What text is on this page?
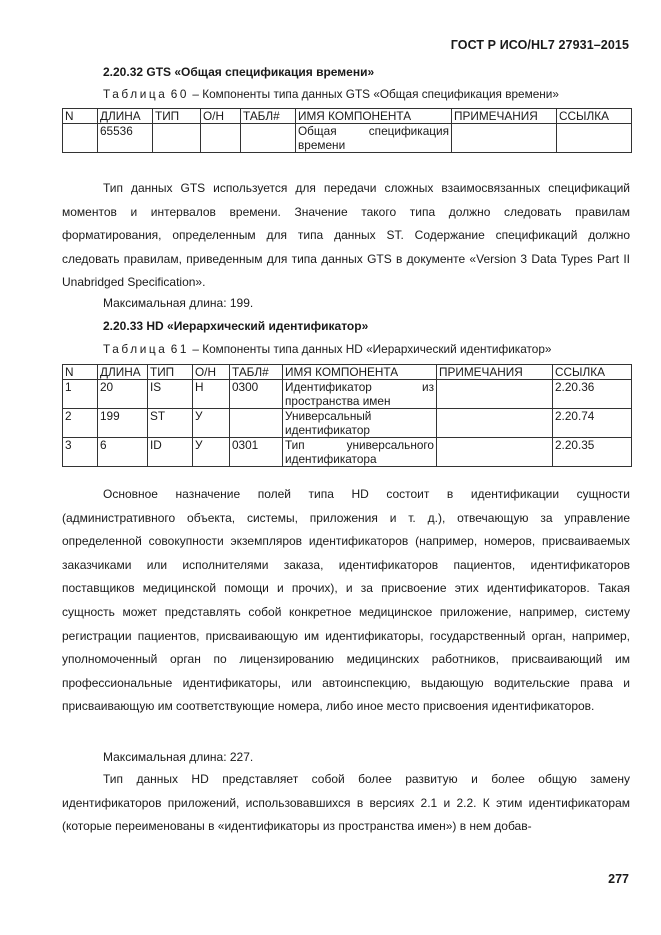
ГОСТ Р ИСО/HL7 27931–2015
2.20.32 GTS «Общая спецификация времени»
Таблица 60 – Компоненты типа данных GTS «Общая спецификация времени»
N	ДЛИНА	ТИП	О/Н	ТАБЛ#	ИМЯ КОМПОНЕНТА	ПРИМЕЧАНИЯ	ССЫЛКА
	65536				Общая спецификация времени		

Тип данных GTS используется для передачи сложных взаимосвязанных спецификаций моментов и интервалов времени. Значение такого типа должно следовать правилам форматирования, определенным для типа данных ST. Содержание спецификаций должно следовать правилам, приведенным для типа данных GTS в документе «Version 3 Data Types Part II Unabridged Specification».

Максимальная длина: 199.
2.20.33 HD «Иерархический идентификатор»
Таблица 61 – Компоненты типа данных HD «Иерархический идентификатор»
N	ДЛИНА	ТИП	О/Н	ТАБЛ#	ИМЯ КОМПОНЕНТА	ПРИМЕЧАНИЯ	ССЫЛКА
1	20	IS	Н	0300	Идентификатор из пространства имен		2.20.36
2	199	ST	У		Универсальный идентификатор		2.20.74
3	6	ID	У	0301	Тип универсального идентификатора		2.20.35

Основное назначение полей типа HD состоит в идентификации сущности (административного объекта, системы, приложения и т. д.), отвечающую за управление определенной совокупности экземпляров идентификаторов (например, номеров, присваиваемых заказчиками или исполнителями заказа, идентификаторов пациентов, идентификаторов поставщиков медицинской помощи и прочих), и за присвоение этих идентификаторов. Такая сущность может представлять собой конкретное медицинское приложение, например, систему регистрации пациентов, присваивающую им идентификаторы, государственный орган, например, уполномоченный орган по лицензированию медицинских работников, присваивающий им профессиональные идентификаторы, или автоинспекцию, выдающую водительские права и присваивающую им соответствующие номера, либо иное место присвоения идентификаторов.

Максимальная длина: 227.

Тип данных HD представляет собой более развитую и более общую замену идентификаторов приложений, использовавшихся в версиях 2.1 и 2.2. К этим идентификаторам (которые переименованы в «идентификаторы из пространства имен») в нем добав-

277
